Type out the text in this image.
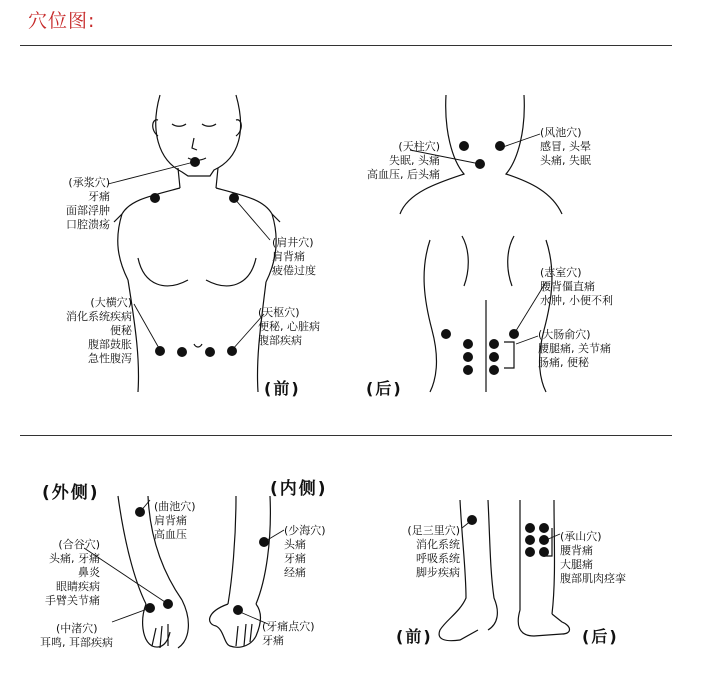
穴位图:
(承浆穴)
牙痛
面部浮肿
口腔溃疡
(肩井穴)
肩背痛
疲倦过度
(大横穴)
消化系统疾病
便秘
腹部鼓胀
急性腹泻
(天枢穴)
便秘, 心脏病
腹部疾病
(前)
(天柱穴)
失眠, 头痛
高血压, 后头痛
(风池穴)
感冒, 头晕
头痛, 失眠
(志室穴)
腰背僵直痛
水肿, 小便不利
(大肠俞穴)
腰腿痛, 关节痛
肠痛, 便秘
(后)
(外侧)	(内侧)
(曲池穴)
肩背痛
高血压
(合谷穴)
头痛, 牙痛
鼻炎
眼睛疾病
手臂关节痛
(中渚穴)
耳鸣, 耳部疾病
(少海穴)
头痛
牙痛
经痛
(牙痛点穴)
牙痛
(足三里穴)
消化系统
呼吸系统
脚步疾病
(承山穴)
腰背痛
大腿痛
腹部肌肉痉挛
(前)	(后)
